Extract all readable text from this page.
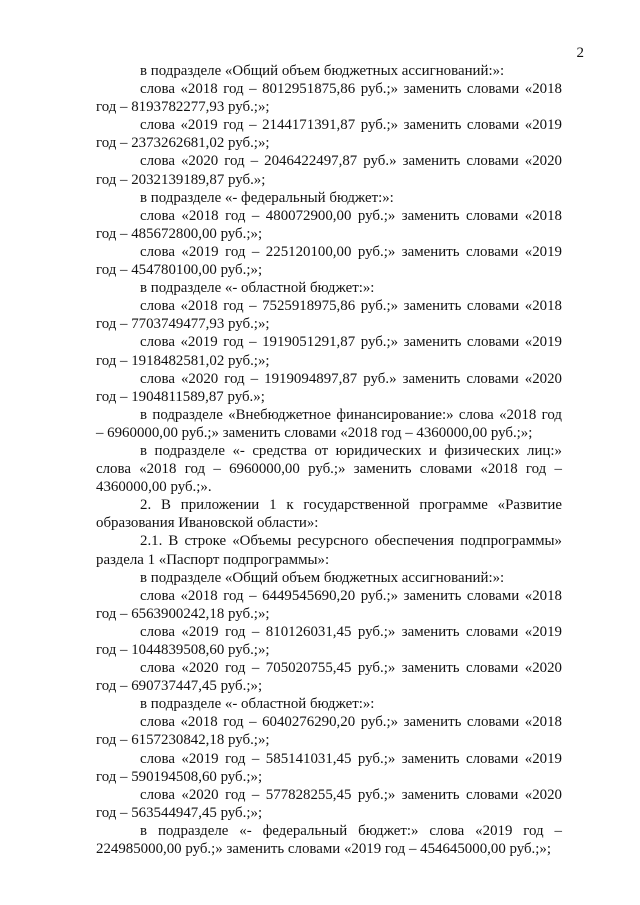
2

в подразделе «Общий объем бюджетных ассигнований:»:

слова «2018 год – 8012951875,86 руб.;» заменить словами «2018 год – 8193782277,93 руб.;»;

слова «2019 год – 2144171391,87 руб.;» заменить словами «2019 год – 2373262681,02 руб.;»;

слова «2020 год – 2046422497,87 руб.» заменить словами «2020 год – 2032139189,87 руб.»;

в подразделе «- федеральный бюджет:»:

слова «2018 год – 480072900,00 руб.;» заменить словами «2018 год – 485672800,00 руб.;»;

слова «2019 год – 225120100,00 руб.;» заменить словами «2019 год – 454780100,00 руб.;»;

в подразделе «- областной бюджет:»:

слова «2018 год – 7525918975,86 руб.;» заменить словами «2018 год – 7703749477,93 руб.;»;

слова «2019 год – 1919051291,87 руб.;» заменить словами «2019 год – 1918482581,02 руб.;»;

слова «2020 год – 1919094897,87 руб.» заменить словами «2020 год – 1904811589,87 руб.»;

в подразделе «Внебюджетное финансирование:» слова «2018 год – 6960000,00 руб.;» заменить словами «2018 год – 4360000,00 руб.;»;

в подразделе «- средства от юридических и физических лиц:» слова «2018 год – 6960000,00 руб.;» заменить словами «2018 год – 4360000,00 руб.;».

2. В приложении 1 к государственной программе «Развитие образования Ивановской области»:

2.1. В строке «Объемы ресурсного обеспечения подпрограммы» раздела 1 «Паспорт подпрограммы»:

в подразделе «Общий объем бюджетных ассигнований:»:

слова «2018 год – 6449545690,20 руб.;» заменить словами «2018 год – 6563900242,18 руб.;»;

слова «2019 год – 810126031,45 руб.;» заменить словами «2019 год – 1044839508,60 руб.;»;

слова «2020 год – 705020755,45 руб.;» заменить словами «2020 год – 690737447,45 руб.;»;

в подразделе «- областной бюджет:»:

слова «2018 год – 6040276290,20 руб.;» заменить словами «2018 год – 6157230842,18 руб.;»;

слова «2019 год – 585141031,45 руб.;» заменить словами «2019 год – 590194508,60 руб.;»;

слова «2020 год – 577828255,45 руб.;» заменить словами «2020 год – 563544947,45 руб.;»;

в подразделе «- федеральный бюджет:» слова «2019 год – 224985000,00 руб.;» заменить словами «2019 год – 454645000,00 руб.;»;
